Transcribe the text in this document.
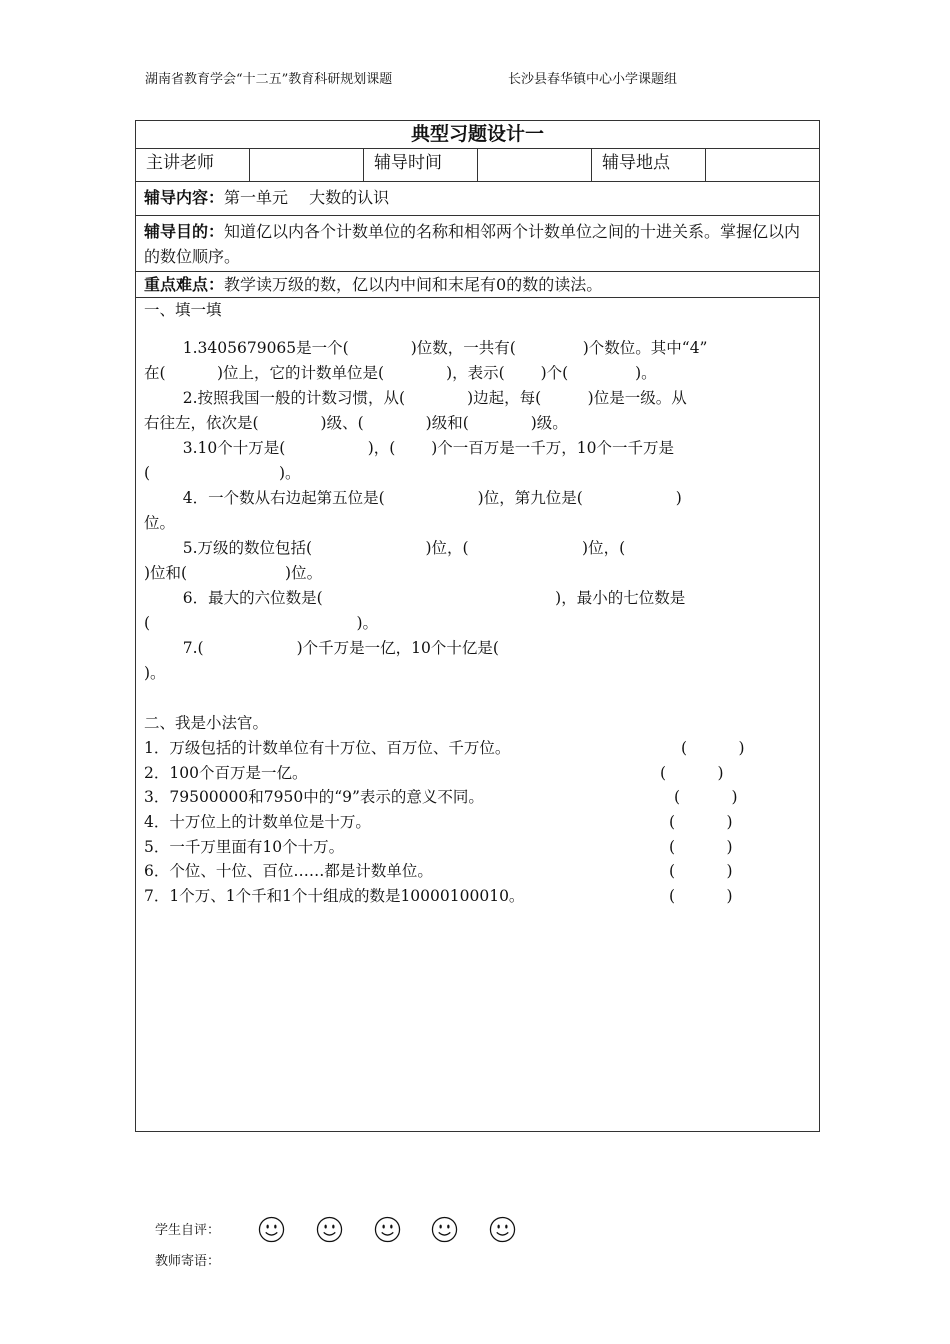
湖南省教育学会“十二五”教育科研规划课题	长沙县春华镇中心小学课题组
典型习题设计一
主讲老师	辅导时间	辅导地点
辅导内容：第一单元　 大数的认识
辅导目的：知道亿以内各个计数单位的名称和相邻两个计数单位之间的十进关系。掌握亿以内的数位顺序。
重点难点：教学读万级的数，亿以内中间和末尾有0的数的读法。

一、填一填

1.3405679065是一个(　　　　)位数，一共有(　　　　 )个数位。其中“4”

在(　　　 )位上，它的计数单位是(　　　　)，表示(　　 )个(　　　　 )。

2.按照我国一般的计数习惯，从(　　　　)边起，每(　　　)位是一级。从

右往左，依次是(　　　　)级、(　　　　)级和(　　　　)级。

3.10个十万是(　　　　　 )，(　　 )个一百万是一千万，10个一千万是

(　　　　　　　　 )。

4．一个数从右边起第五位是(　　　　　　)位，第九位是(　　　　　　)

位。

5.万级的数位包括(　　　　　　　 )位，(　　　　　　　 )位，(

)位和(　　　　　　 )位。

6．最大的六位数是(　　　　　　　　　　　　　　　)，最小的七位数是

(　　　　　　　　　　　　　 )。

7.(　　　　　　)个千万是一亿，10个十亿是(

)。

二、我是小法官。

1．万级包括的计数单位有十万位、百万位、千万位。	(　　　 )
2．100个百万是一亿。	(　　　 )
3．79500000和7950中的“9”表示的意义不同。	(　　　 )
4．十万位上的计数单位是十万。	(　　　 )
5．一千万里面有10个十万。	(　　　 )
6．个位、十位、百位……都是计数单位。	(　　　 )
7．1个万、1个千和1个十组成的数是10000100010。	(　　　 )
学生自评：
教师寄语：
